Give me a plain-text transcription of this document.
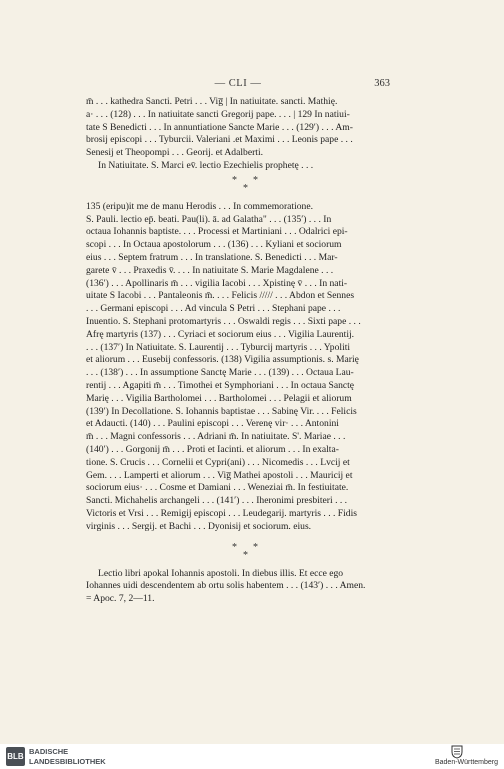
— CLI —	363
m̄ . . . kathedra Sancti. Petri . . . Vig̅ | In natiuitate. sancti. Mathię.
a· . . . (128) . . . In natiuitate sancti Gregorij pape. . . . | 129 In natiui-
tate S Benedicti . . . In annuntiatione Sancte Marie . . . (129′) . . . Am-
brosij episcopi . . . Tyburcii. Valeriani .et Maximi . . . Leonis pape . . .
Senesij et Theopompi . . . Georij. et Adalberti.
In Natiuitate. S. Marci ev̄. lectio Ezechielis prophetę . . .
* *
*
135 (eripu)it me de manu Herodis . . . In commemoratione.
S. Pauli. lectio ep̄. beati. Pau(li). ā. ad Galatha" . . . (135′) . . . In
octaua Iohannis baptiste. . . . Processi et Martiniani . . . Odalrici epi-
scopi . . . In Octaua apostolorum . . . (136) . . . Kyliani et sociorum
eius . . . Septem fratrum . . . In translatione. S. Benedicti . . . Mar-
garete v̄ . . . Praxedis v̄. . . . In natiuitate S. Marie Magdalene . . .
(136′) . . . Apollinaris m̄ . . . vigilia Iacobi . . . Xpistinę v̄ . . . In nati-
uitate S Iacobi . . . Pantaleonis m̄. . . . Felicis ///// . . . Abdon et Sennes
. . . Germani episcopi . . . Ad vincula S Petri . . . Stephani pape . . .
Inuentio. S. Stephani protomartyris . . . Oswaldi regis . . . Sixti pape . . .
Afrę martyris (137) . . . Cyriaci et sociorum eius . . . Vigilia Laurentij.
. . . (137′) In Natiuitate. S. Laurentij . . . Tyburcij martyris . . . Ypoliti
et aliorum . . . Eusebij confessoris. (138) Vigilia assumptionis. s. Marię
. . . (138′) . . . In assumptione Sanctę Marie . . . (139) . . . Octaua Lau-
rentij . . . Agapiti m̄ . . . Timothei et Symphoriani . . . In octaua Sanctę
Marię . . . Vigilia Bartholomei . . . Bartholomei . . . Pelagii et aliorum
(139′) In Decollatione. S. Iohannis baptistae . . . Sabinę Vir. . . . Felicis
et Adaucti. (140) . . . Paulini episcopi . . . Verenę vir· . . . Antonini
m̄ . . . Magni confessoris . . . Adriani m̄. In natiuitate. S'. Mariae . . .
(140′) . . . Gorgonij m̄ . . . Proti et Iacinti. et aliorum . . . In exalta-
tione. S. Crucis . . . Cornelii et Cypri(ani) . . . Nicomedis . . . Lvcij et
Gem. . . . Lamperti et aliorum . . . Vig̅ Mathei apostoli . . . Mauricij et
sociorum eius· . . . Cosme et Damiani . . . Weneziai m̄. In festiuitate.
Sancti. Michahelis archangeli . . . (141′) . . . Iheronimi presbiteri . . .
Victoris et Vrsi . . . Remigij episcopi . . . Leudegarij. martyris . . . Fidis
virginis . . . Sergij. et Bachi . . . Dyonisij et sociorum. eius.
* *
*
Lectio libri apokal Iohannis apostoli. In diebus illis. Et ecce ego
Iohannes uidi descendentem ab ortu solis habentem . . . (143′) . . . Amen.
= Apoc. 7, 2—11.
BLB
BADISCHE
LANDESBIBLIOTHEK	Baden-Württemberg
